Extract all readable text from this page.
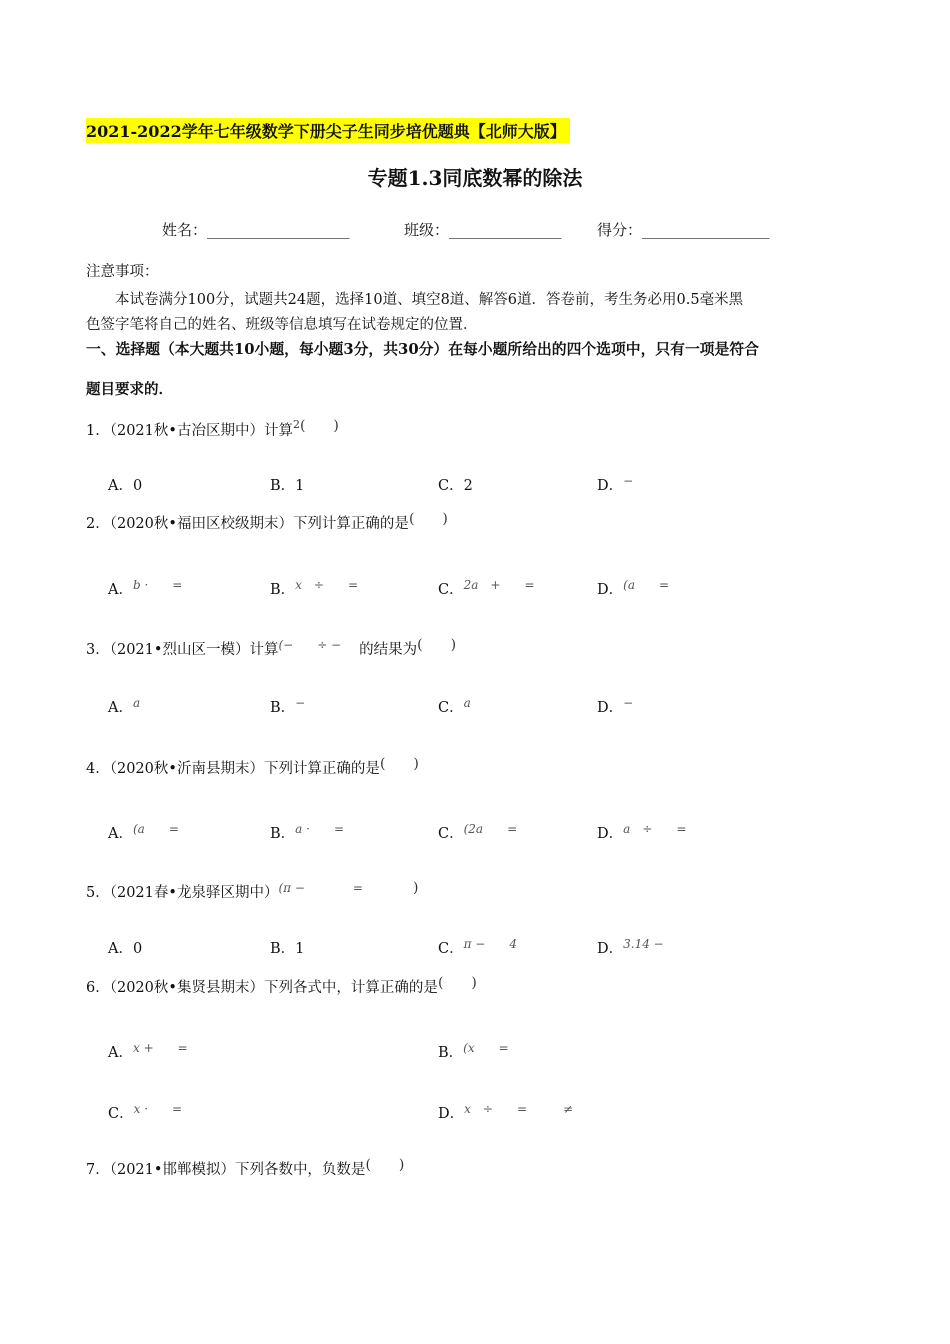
2021-2022学年七年级数学下册尖子生同步培优题典【北师大版】
专题1.3同底数幂的除法
姓名：___________________	班级：_______________ 得分：_________________
注意事项：
本试卷满分100分，试题共24题，选择10道、填空8道、解答6道．答卷前，考生务必用0.5毫米黑
色签字笔将自己的姓名、班级等信息填写在试卷规定的位置．
一、选择题（本大题共10小题，每小题3分，共30分）在每小题所给出的四个选项中，只有一项是符合
题目要求的．
1．（2021秋•古冶区期中）计算$^2$(　　)
A．0	B．1	C．2	D．−
2．（2020秋•福田区校级期末）下列计算正确的是(　　)
A．$^{b \cdot =}$	B．$^{x \div =}$	C．$^{2a + =}$	D．$^{(a =}$
3．（2021•烈山区一模）计算(−　　÷ − 的结果为(　　)
A．$^a$	B．−	C．$^a$	D．−
4．（2020秋•沂南县期末）下列计算正确的是(　　)
A．$^{(a =}$	B．$^{a \cdot =}$	C．$^{(2a =}$	D．$^{a \div =}$
5．（2021春•龙泉驿区期中）$^{(\pi - =}$	)
A．0	B．1	C．$^{\pi - 4}$	D．$^{3.14 -}$
6．（2020秋•集贤县期末）下列各式中，计算正确的是(　　)
A．$^{x + =}$	B．$^{(x =}$
C．$^{x \cdot =}$	D．$^{x \div = \ne}$
7．（2021•邯郸模拟）下列各数中，负数是(　　)
